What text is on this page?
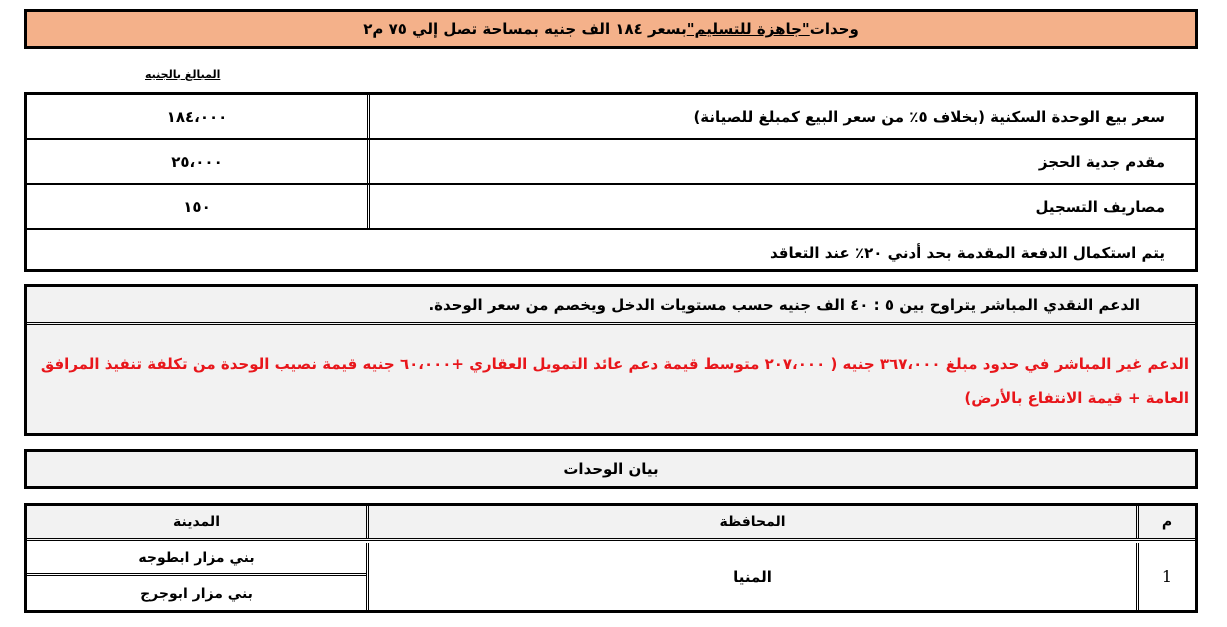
وحدات
"جاهزة للتسليم"
بسعر ١٨٤ الف جنيه بمساحة تصل إلي ٧٥ م٢
المبالغ بالجنيه
سعر بيع الوحدة السكنية (بخلاف ٥٪ من سعر البيع كمبلغ للصيانة)
١٨٤،٠٠٠
مقدم جدية الحجز
٢٥،٠٠٠
مصاريف التسجيل
١٥٠
يتم استكمال الدفعة المقدمة بحد أدني ٢٠٪ عند التعاقد
الدعم النقدي المباشر يتراوح بين ٥ : ٤٠ الف جنيه حسب مستويات الدخل ويخصم من سعر الوحدة.
الدعم غير المباشر في حدود مبلغ ٣٦٧،٠٠٠ جنيه ( ٢٠٧،٠٠٠ متوسط قيمة دعم عائد التمويل العقاري +٦٠،٠٠٠ جنيه قيمة نصيب الوحدة من تكلفة تنفيذ المرافق العامة + قيمة الانتفاع بالأرض)
بيان الوحدات
م
المحافظة
المدينة
1
المنيا
بني مزار ابطوجه
بني مزار ابوجرج
